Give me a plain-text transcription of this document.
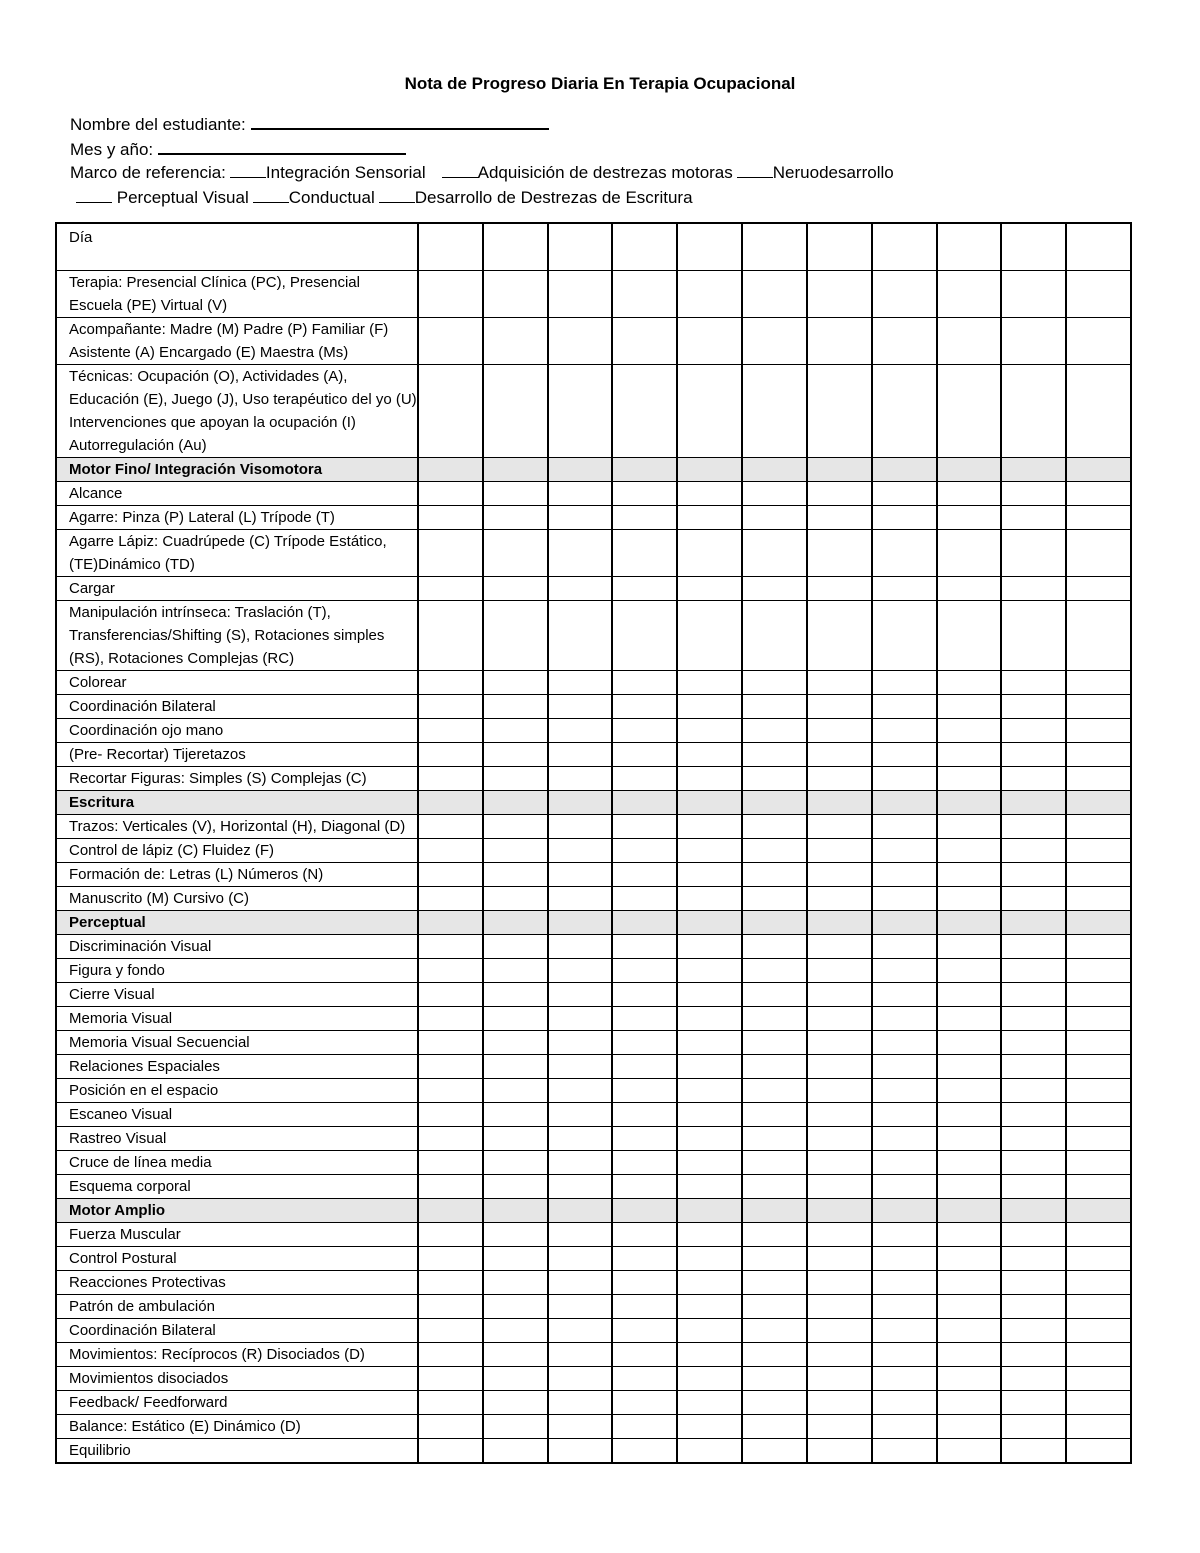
Nota de Progreso Diaria En Terapia Ocupacional
Nombre del estudiante:
Mes y año:
Marco de referencia: Integración Sensorial	Adquisición de destrezas motoras Neruodesarrollo
Perceptual Visual Conductual Desarrollo de Destrezas de Escritura
Día											
Terapia: Presencial Clínica (PC), Presencial Escuela (PE) Virtual (V)											
Acompañante: Madre (M) Padre (P) Familiar (F) Asistente (A) Encargado (E) Maestra (Ms)											
Técnicas: Ocupación (O), Actividades (A), Educación (E), Juego (J), Uso terapéutico del yo (U) Intervenciones que apoyan la ocupación (I) Autorregulación (Au)											
Motor Fino/ Integración Visomotora											
Alcance											
Agarre: Pinza (P) Lateral (L) Trípode (T)											
Agarre Lápiz: Cuadrúpede (C) Trípode Estático, (TE)Dinámico (TD)											
Cargar											
Manipulación intrínseca: Traslación (T), Transferencias/Shifting (S), Rotaciones simples (RS), Rotaciones Complejas (RC)											
Colorear											
Coordinación Bilateral											
Coordinación ojo mano											
(Pre- Recortar) Tijeretazos											
Recortar Figuras: Simples (S) Complejas (C)											
Escritura											
Trazos: Verticales (V), Horizontal (H), Diagonal (D)											
Control de lápiz (C) Fluidez (F)											
Formación de: Letras (L) Números (N)											
Manuscrito (M) Cursivo (C)											
Perceptual											
Discriminación Visual											
Figura y fondo											
Cierre Visual											
Memoria Visual											
Memoria Visual Secuencial											
Relaciones Espaciales											
Posición en el espacio											
Escaneo Visual											
Rastreo Visual											
Cruce de línea media											
Esquema corporal											
Motor Amplio											
Fuerza Muscular											
Control Postural											
Reacciones Protectivas											
Patrón de ambulación											
Coordinación Bilateral											
Movimientos: Recíprocos (R) Disociados (D)											
Movimientos disociados											
Feedback/ Feedforward											
Balance: Estático (E) Dinámico (D)											
Equilibrio											
